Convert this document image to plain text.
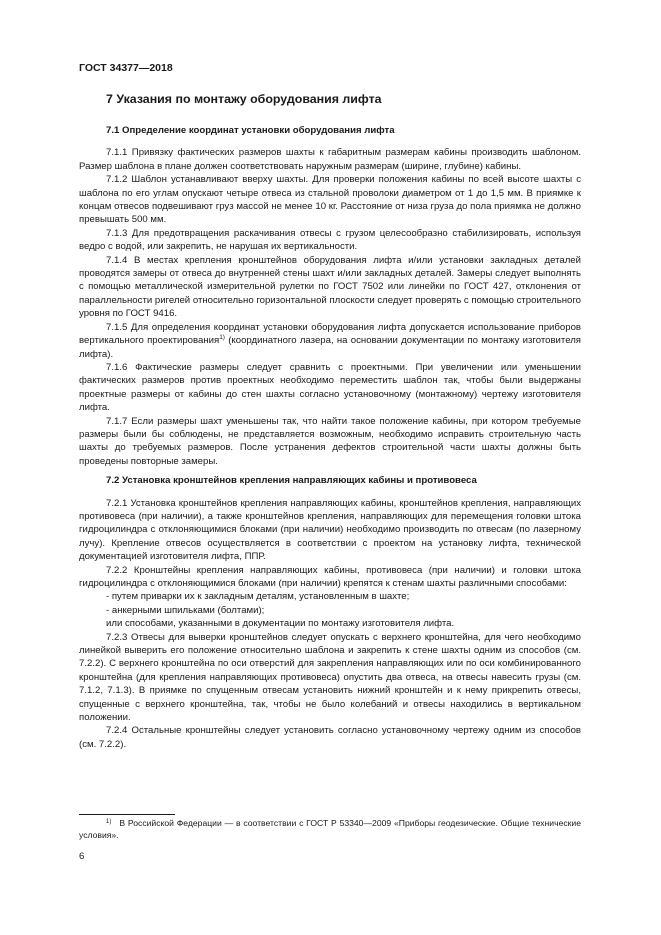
ГОСТ 34377—2018

7 Указания по монтажу оборудования лифта

7.1 Определение координат установки оборудования лифта

7.1.1 Привязку фактических размеров шахты к габаритным размерам кабины производить шаблоном. Размер шаблона в плане должен соответствовать наружным размерам (ширине, глубине) кабины.

7.1.2 Шаблон устанавливают вверху шахты. Для проверки положения кабины по всей высоте шахты с шаблона по его углам опускают четыре отвеса из стальной проволоки диаметром от 1 до 1,5 мм. В приямке к концам отвесов подвешивают груз массой не менее 10 кг. Расстояние от низа груза до пола приямка не должно превышать 500 мм.

7.1.3 Для предотвращения раскачивания отвесы с грузом целесообразно стабилизировать, используя ведро с водой, или закрепить, не нарушая их вертикальности.

7.1.4 В местах крепления кронштейнов оборудования лифта и/или установки закладных деталей проводятся замеры от отвеса до внутренней стены шахт и/или закладных деталей. Замеры следует выполнять с помощью металлической измерительной рулетки по ГОСТ 7502 или линейки по ГОСТ 427, отклонения от параллельности ригелей относительно горизонтальной плоскости следует проверять с помощью строительного уровня по ГОСТ 9416.

7.1.5 Для определения координат установки оборудования лифта допускается использование приборов вертикального проектирования$^{1)}$ (координатного лазера, на основании документации по монтажу изготовителя лифта).

7.1.6 Фактические размеры следует сравнить с проектными. При увеличении или уменьшении фактических размеров против проектных необходимо переместить шаблон так, чтобы были выдержаны проектные размеры от кабины до стен шахты согласно установочному (монтажному) чертежу изготовителя лифта.

7.1.7 Если размеры шахт уменьшены так, что найти такое положение кабины, при котором требуемые размеры были бы соблюдены, не представляется возможным, необходимо исправить строительную часть шахты до требуемых размеров. После устранения дефектов строительной части шахты должны быть проведены повторные замеры.

7.2 Установка кронштейнов крепления направляющих кабины и противовеса

7.2.1 Установка кронштейнов крепления направляющих кабины, кронштейнов крепления, направляющих противовеса (при наличии), а также кронштейнов крепления, направляющих для перемещения головки штока гидроцилиндра с отклоняющимися блоками (при наличии) необходимо производить по отвесам (по лазерному лучу). Крепление отвесов осуществляется в соответствии с проектом на установку лифта, технической документацией изготовителя лифта, ППР.

7.2.2 Кронштейны крепления направляющих кабины, противовеса (при наличии) и головки штока гидроцилиндра с отклоняющимися блоками (при наличии) крепятся к стенам шахты различными способами:

- путем приварки их к закладным деталям, установленным в шахте;

- анкерными шпильками (болтами);

или способами, указанными в документации по монтажу изготовителя лифта.

7.2.3 Отвесы для выверки кронштейнов следует опускать с верхнего кронштейна, для чего необходимо линейкой выверить его положение относительно шаблона и закрепить к стене шахты одним из способов (см. 7.2.2). С верхнего кронштейна по оси отверстий для закрепления направляющих или по оси комбинированного кронштейна (для крепления направляющих противовеса) опустить два отвеса, на отвесы навесить грузы (см. 7.1.2, 7.1.3). В приямке по спущенным отвесам установить нижний кронштейн и к нему прикрепить отвесы, спущенные с верхнего кронштейна, так, чтобы не было колебаний и отвесы находились в вертикальном положении.

7.2.4 Остальные кронштейны следует установить согласно установочному чертежу одним из способов (см. 7.2.2).

$^{1)}$ В Российской Федерации — в соответствии с ГОСТ Р 53340—2009 «Приборы геодезические. Общие технические условия».
6
